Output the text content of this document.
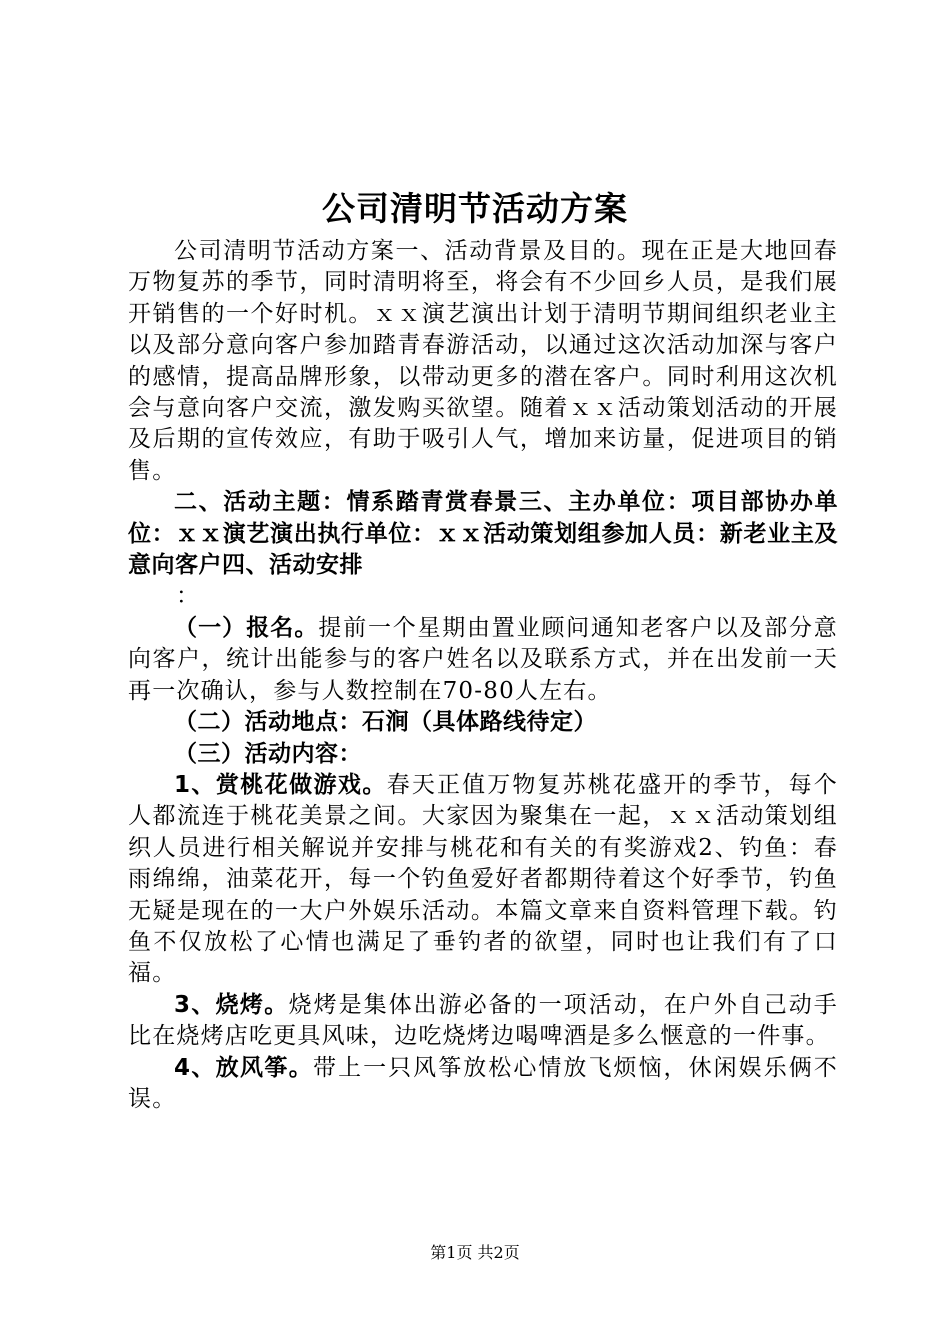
公司清明节活动方案

公司清明节活动方案一、活动背景及目的。现在正是大地回春万物复苏的季节，同时清明将至，将会有不少回乡人员，是我们展开销售的一个好时机。ｘｘ演艺演出计划于清明节期间组织老业主以及部分意向客户参加踏青春游活动，以通过这次活动加深与客户的感情，提高品牌形象，以带动更多的潜在客户。同时利用这次机会与意向客户交流，激发购买欲望。随着ｘｘ活动策划活动的开展及后期的宣传效应，有助于吸引人气，增加来访量，促进项目的销售。

二、活动主题：情系踏青赏春景三、主办单位：项目部协办单位：ｘｘ演艺演出执行单位：ｘｘ活动策划组参加人员：新老业主及意向客户四、活动安排

：

（一）报名。提前一个星期由置业顾问通知老客户以及部分意向客户，统计出能参与的客户姓名以及联系方式，并在出发前一天再一次确认，参与人数控制在70-80人左右。

（二）活动地点：石涧（具体路线待定）

（三）活动内容：

1、赏桃花做游戏。春天正值万物复苏桃花盛开的季节，每个人都流连于桃花美景之间。大家因为聚集在一起，ｘｘ活动策划组织人员进行相关解说并安排与桃花和有关的有奖游戏2、钓鱼：春雨绵绵，油菜花开，每一个钓鱼爱好者都期待着这个好季节，钓鱼无疑是现在的一大户外娱乐活动。本篇文章来自资料管理下载。钓鱼不仅放松了心情也满足了垂钓者的欲望，同时也让我们有了口福。

3、烧烤。烧烤是集体出游必备的一项活动，在户外自己动手比在烧烤店吃更具风味，边吃烧烤边喝啤酒是多么惬意的一件事。

4、放风筝。带上一只风筝放松心情放飞烦恼，休闲娱乐俩不误。

第1页 共2页
